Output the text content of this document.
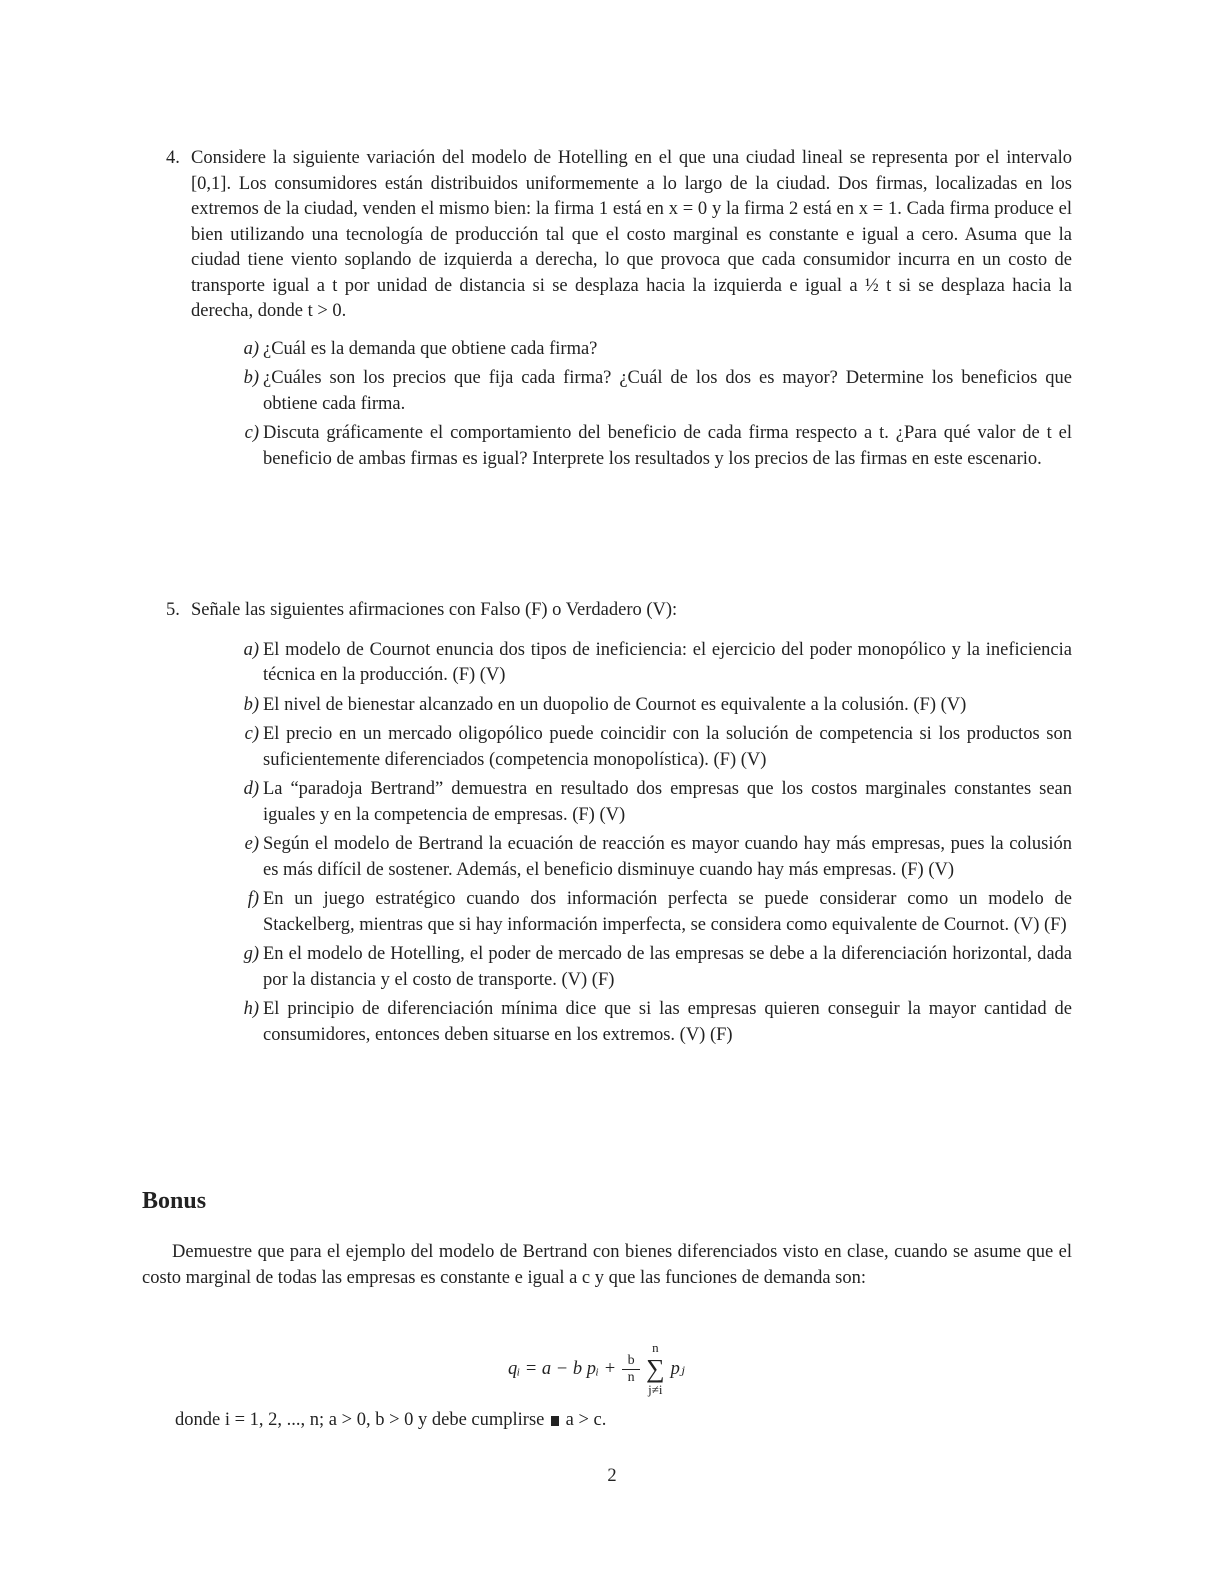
4. Considere la siguiente variación del modelo de Hotelling en el que una ciudad lineal se representa por el intervalo [0,1]. Los consumidores están distribuidos uniformemente a lo largo de la ciudad. Dos firmas, localizadas en los extremos de la ciudad, venden el mismo bien: la firma 1 está en x = 0 y la firma 2 está en x = 1. Cada firma produce el bien utilizando una tecnología de producción tal que el costo marginal es constante e igual a cero. Asuma que la ciudad tiene viento soplando de izquierda a derecha, lo que provoca que cada consumidor incurra en un costo de transporte igual a t por unidad de distancia si se desplaza hacia la izquierda e igual a ½ t si se desplaza hacia la derecha, donde t > 0.
a) ¿Cuál es la demanda que obtiene cada firma?
b) ¿Cuáles son los precios que fija cada firma? ¿Cuál de los dos es mayor? Determine los beneficios que obtiene cada firma.
c) Discuta gráficamente el comportamiento del beneficio de cada firma respecto a t. ¿Para qué valor de t el beneficio de ambas firmas es igual? Interprete los resultados y los precios de las firmas en este escenario.
5. Señale las siguientes afirmaciones con Falso (F) o Verdadero (V):
a) El modelo de Cournot enuncia dos tipos de ineficiencia: el ejercicio del poder monopólico y la ineficiencia técnica en la producción. (F) (V)
b) El nivel de bienestar alcanzado en un duopolio de Cournot es equivalente a la colusión. (F) (V)
c) El precio en un mercado oligopólico puede coincidir con la solución de competencia si los productos son suficientemente diferenciados (competencia monopolística). (F) (V)
d) La “paradoja Bertrand” demuestra en resultado dos empresas que los costos marginales constantes sean iguales y en la competencia de empresas. (F) (V)
e) Según el modelo de Bertrand la ecuación de reacción es mayor cuando hay más empresas, pues la colusión es más difícil de sostener. Además, el beneficio disminuye cuando hay más empresas. (F) (V)
f) En un juego estratégico cuando dos información perfecta se puede considerar como un modelo de Stackelberg, mientras que si hay información imperfecta, se considera como equivalente de Cournot. (V) (F)
g) En el modelo de Hotelling, el poder de mercado de las empresas se debe a la diferenciación horizontal, dada por la distancia y el costo de transporte. (V) (F)
h) El principio de diferenciación mínima dice que si las empresas quieren conseguir la mayor cantidad de consumidores, entonces deben situarse en los extremos. (V) (F)
Bonus

Demuestre que para el ejemplo del modelo de Bertrand con bienes diferenciados visto en clase, cuando se asume que el costo marginal de todas las empresas es constante e igual a c y que las funciones de demanda son:

qᵢ = a − b pᵢ + $\frac{b}{n}$
n
∑
j≠i
pⱼ
donde i = 1, 2, ..., n; a > 0, b > 0 y debe cumplirse a > c.
2
